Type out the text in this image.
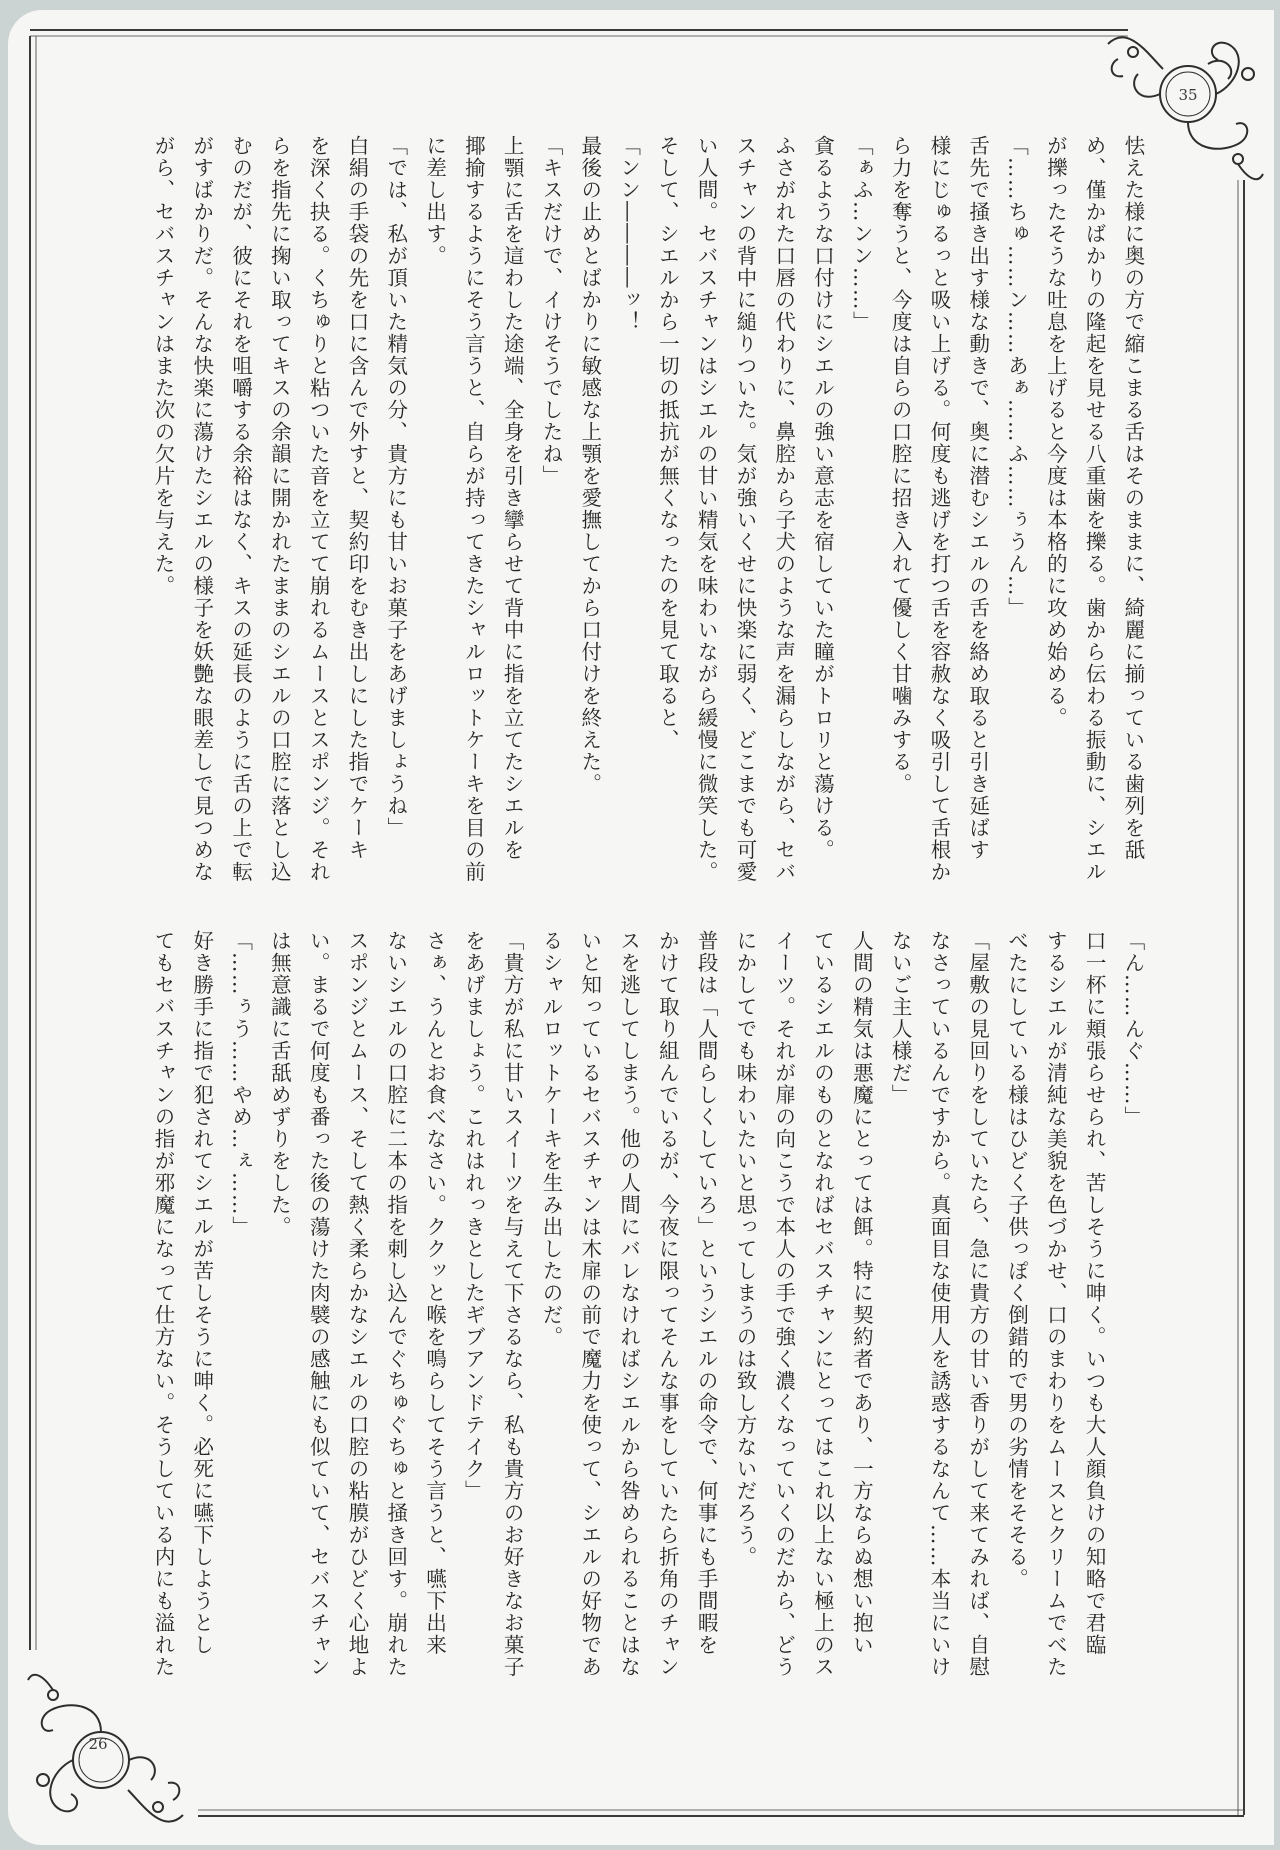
35
26
怯えた様に奥の方で縮こまる舌はそのままに、綺麗に揃っている歯列を舐
め、僅かばかりの隆起を見せる八重歯を擽る。歯から伝わる振動に、シエル
が擽ったそうな吐息を上げると今度は本格的に攻め始める。
「……ちゅ……ン……あぁ……ふ……ぅうん…」
舌先で掻き出す様な動きで、奥に潜むシエルの舌を絡め取ると引き延ばす
様にじゅるっと吸い上げる。何度も逃げを打つ舌を容赦なく吸引して舌根か
ら力を奪うと、今度は自らの口腔に招き入れて優しく甘噛みする。
「ぁふ…ンン……」
貪るような口付けにシエルの強い意志を宿していた瞳がトロリと蕩ける。
ふさがれた口唇の代わりに、鼻腔から子犬のような声を漏らしながら、セバ
スチャンの背中に縋りついた。気が強いくせに快楽に弱く、どこまでも可愛
い人間。セバスチャンはシエルの甘い精気を味わいながら緩慢に微笑した。
そして、シエルから一切の抵抗が無くなったのを見て取ると、
「ンン――――ッ！
最後の止めとばかりに敏感な上顎を愛撫してから口付けを終えた。
「キスだけで、イけそうでしたね」
上顎に舌を這わした途端、全身を引き攣らせて背中に指を立てたシエルを
揶揄するようにそう言うと、自らが持ってきたシャルロットケーキを目の前
に差し出す。
「では、私が頂いた精気の分、貴方にも甘いお菓子をあげましょうね」
白絹の手袋の先を口に含んで外すと、契約印をむき出しにした指でケーキ
を深く抉る。くちゅりと粘ついた音を立てて崩れるムースとスポンジ。それ
らを指先に掬い取ってキスの余韻に開かれたままのシエルの口腔に落とし込
むのだが、彼にそれを咀嚼する余裕はなく、キスの延長のように舌の上で転
がすばかりだ。そんな快楽に蕩けたシエルの様子を妖艶な眼差しで見つめな
がら、セバスチャンはまた次の欠片を与えた。
「ん……んぐ……」
口一杯に頬張らせられ、苦しそうに呻く。いつも大人顔負けの知略で君臨
するシエルが清純な美貌を色づかせ、口のまわりをムースとクリームでべた
べたにしている様はひどく子供っぽく倒錯的で男の劣情をそそる。
「屋敷の見回りをしていたら、急に貴方の甘い香りがして来てみれば、自慰
なさっているんですから。真面目な使用人を誘惑するなんて……本当にいけ
ないご主人様だ」
人間の精気は悪魔にとっては餌。特に契約者であり、一方ならぬ想い抱い
ているシエルのものとなればセバスチャンにとってはこれ以上ない極上のス
イーツ。それが扉の向こうで本人の手で強く濃くなっていくのだから、どう
にかしてでも味わいたいと思ってしまうのは致し方ないだろう。
普段は「人間らしくしていろ」というシエルの命令で、何事にも手間暇を
かけて取り組んでいるが、今夜に限ってそんな事をしていたら折角のチャン
スを逃してしまう。他の人間にバレなければシエルから咎められることはな
いと知っているセバスチャンは木扉の前で魔力を使って、シエルの好物であ
るシャルロットケーキを生み出したのだ。
「貴方が私に甘いスイーツを与えて下さるなら、私も貴方のお好きなお菓子
をあげましょう。これはれっきとしたギブアンドテイク」
さぁ、うんとお食べなさい。ククッと喉を鳴らしてそう言うと、嚥下出来
ないシエルの口腔に二本の指を刺し込んでぐちゅぐちゅと掻き回す。崩れた
スポンジとムース、そして熱く柔らかなシエルの口腔の粘膜がひどく心地よ
い。まるで何度も番った後の蕩けた肉襞の感触にも似ていて、セバスチャン
は無意識に舌舐めずりをした。
「……ぅう……やめ…ぇ……」
好き勝手に指で犯されてシエルが苦しそうに呻く。必死に嚥下しようとし
てもセバスチャンの指が邪魔になって仕方ない。そうしている内にも溢れた
